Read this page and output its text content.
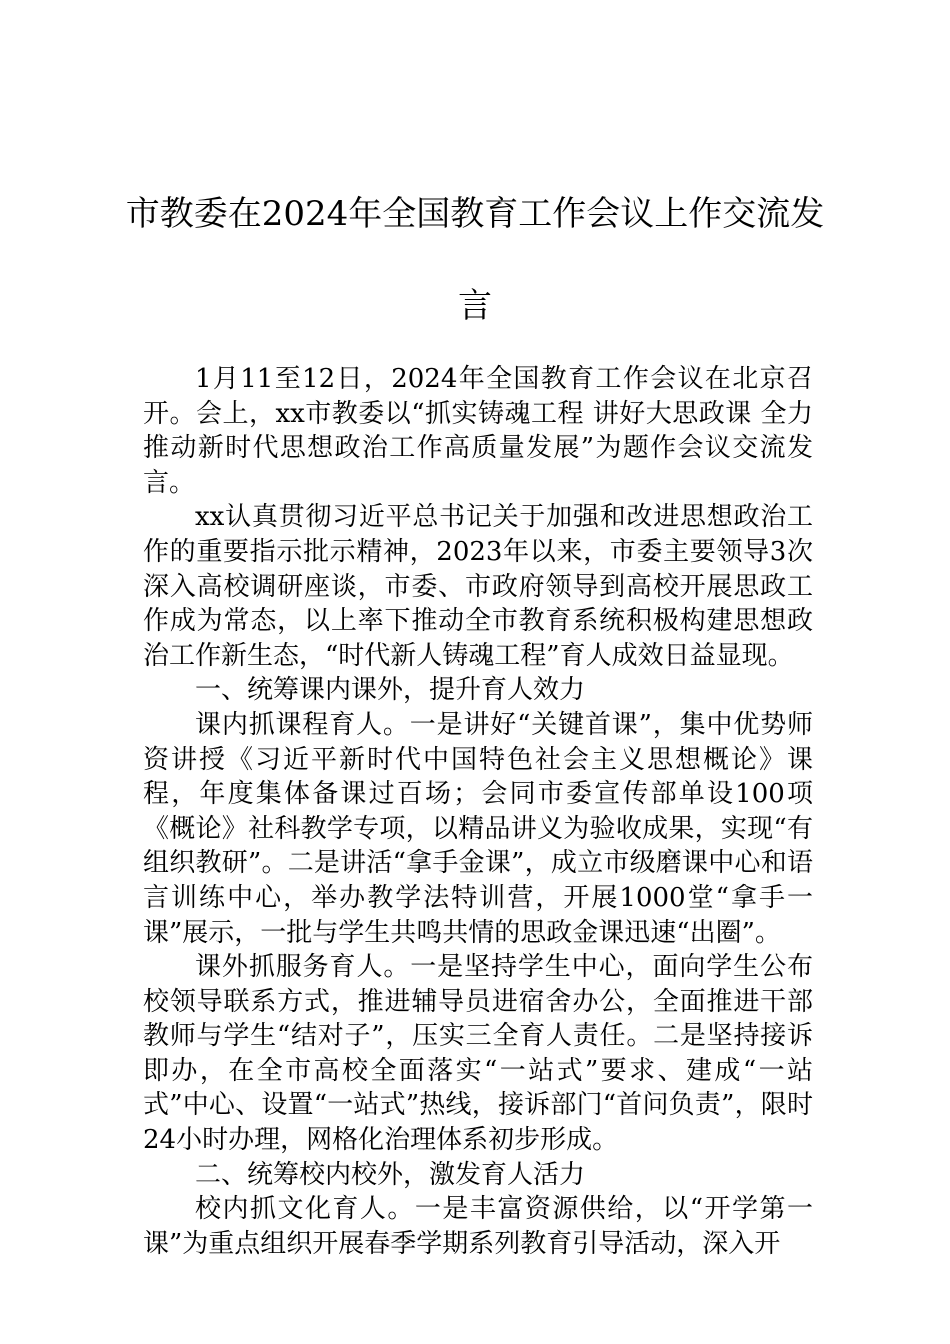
市教委在2024年全国教育工作会议上作交流发言

1月11至12日，2024年全国教育工作会议在北京召开。会上，xx市教委以“抓实铸魂工程 讲好大思政课 全力推动新时代思想政治工作高质量发展”为题作会议交流发言。

xx认真贯彻习近平总书记关于加强和改进思想政治工作的重要指示批示精神，2023年以来，市委主要领导3次深入高校调研座谈，市委、市政府领导到高校开展思政工作成为常态，以上率下推动全市教育系统积极构建思想政治工作新生态，“时代新人铸魂工程”育人成效日益显现。

一、统筹课内课外，提升育人效力

课内抓课程育人。一是讲好“关键首课”，集中优势师资讲授《习近平新时代中国特色社会主义思想概论》课程，年度集体备课过百场；会同市委宣传部单设100项《概论》社科教学专项，以精品讲义为验收成果，实现“有组织教研”。二是讲活“拿手金课”，成立市级磨课中心和语言训练中心，举办教学法特训营，开展1000堂“拿手一课”展示，一批与学生共鸣共情的思政金课迅速“出圈”。

课外抓服务育人。一是坚持学生中心，面向学生公布校领导联系方式，推进辅导员进宿舍办公，全面推进干部教师与学生“结对子”，压实三全育人责任。二是坚持接诉即办，在全市高校全面落实“一站式”要求、建成“一站式”中心、设置“一站式”热线，接诉部门“首问负责”，限时24小时办理，网格化治理体系初步形成。

二、统筹校内校外，激发育人活力

校内抓文化育人。一是丰富资源供给，以“开学第一课”为重点组织开展春季学期系列教育引导活动，深入开
